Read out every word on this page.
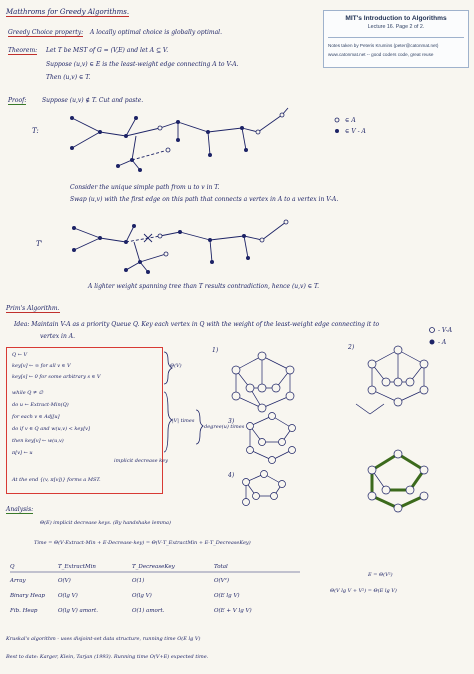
MIT's Introduction to Algorithms
Lecture 16. Page 2 of 2.
Notes taken by Peteris Krumins (peter@catonmat.net)
www.catonmat.net -- good coders code, great reuse
Matthroms for Greedy Algorithms.
Greedy Choice property: A locally optimal choice is globally optimal.
Theorem: Let T be MST of G = (V,E) and let A ⊆ V.
Suppose (u,v) ∈ E is the least-weight edge connecting A to V-A.
Then (u,v) ∈ T.
Proof:	Suppose (u,v) ∉ T. Cut and paste.
T:
∈ A
∈ V - A
Consider the unique simple path from u to v in T.
Swap (u,v) with the first edge on this path that connects a vertex in A to a vertex in V-A.
T'
A lighter weight spanning tree than T results contradiction, hence (u,v) ∈ T.
Prim's Algorithm.
Idea: Maintain V-A as a priority Queue Q. Key each vertex in Q with the weight of the least-weight edge connecting it to
vertex in A.
- V-A
- A
Q ← V
key[v] ← ∞ for all v ∈ V
key[s] ← 0 for some arbitrary s ∈ V
while Q ≠ ∅
do u ← Extract-Min(Q)
for each v ∈ Adj[u]
do if v ∈ Q and w(u,v) < key[v]
then key[v] ← w(u,v)
π[v] ← u
At the end {(v, π[v])} forms a MST.
Θ(V)
|V| times
degree(u) times
implicit decrease key
1)	2)
3)
4)
Analysis:
Θ(E) implicit decrease keys. (By handshake lemma)
Time = Θ(V·Extract-Min + E·Decrease-key) = Θ(V·T_ExtractMin + E·T_DecreaseKey)
Q	T_ExtractMin	T_DecreaseKey	Total
Array	O(V)	O(1)	O(V²)
Binary Heap	O(lg V)	O(lg V)	O(E lg V)
Fib. Heap	O(lg V) amort.	O(1) amort.	O(E + V lg V)
E = Θ(V²)
Θ(V lg V + V²) = Θ(E lg V)
Kruskal's algorithm - uses disjoint-set data structure, running time O(E lg V)
Best to date: Karger, Klein, Tarjan (1993). Running time O(V+E) expected time.
